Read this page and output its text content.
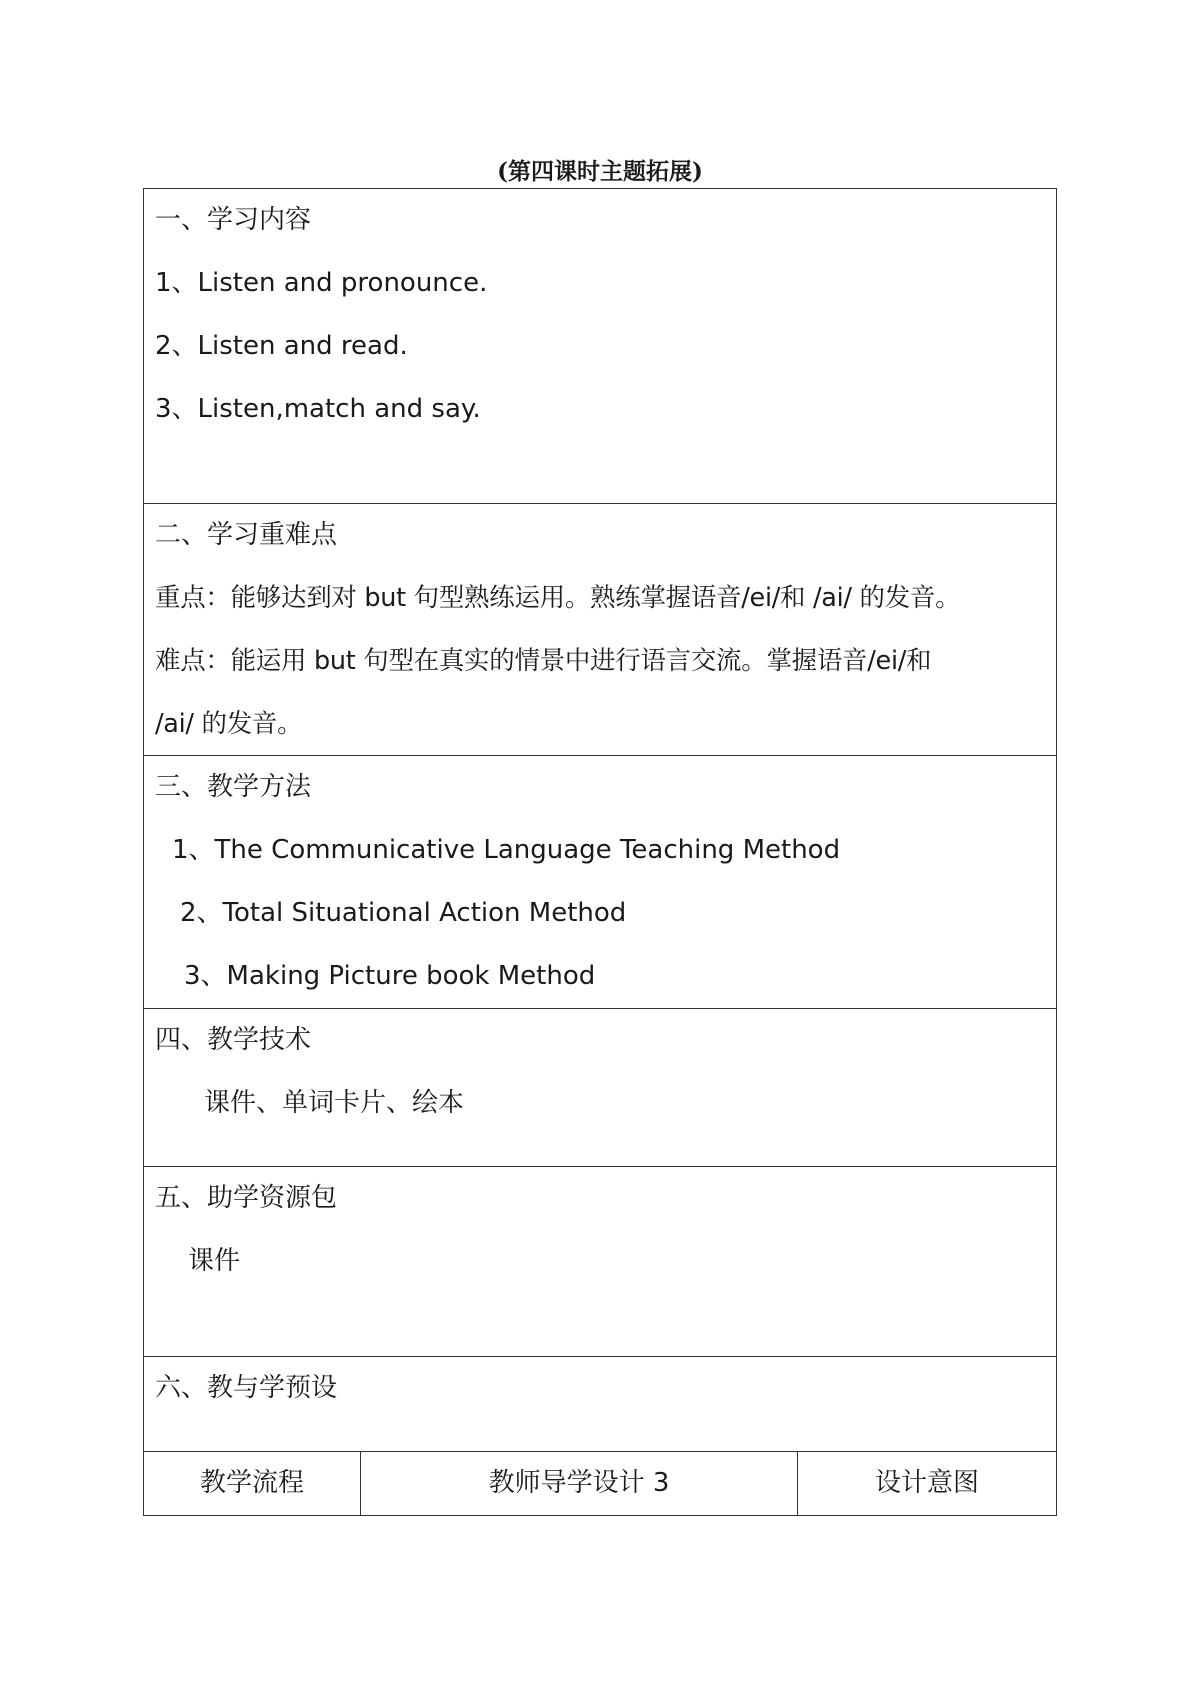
(第四课时主题拓展)
一、学习内容
1、Listen and pronounce.
2、Listen and read.
3、Listen,match and say.
二、学习重难点
重点：能够达到对 but 句型熟练运用。熟练掌握语音/ei/和 /ai/ 的发音。
难点：能运用 but 句型在真实的情景中进行语言交流。掌握语音/ei/和
/ai/ 的发音。
三、教学方法
1、The Communicative Language Teaching Method
2、Total Situational Action Method
3、Making Picture book Method
四、教学技术
课件、单词卡片、绘本
五、助学资源包
课件
六、教与学预设
教学流程	教师导学设计 3	设计意图
